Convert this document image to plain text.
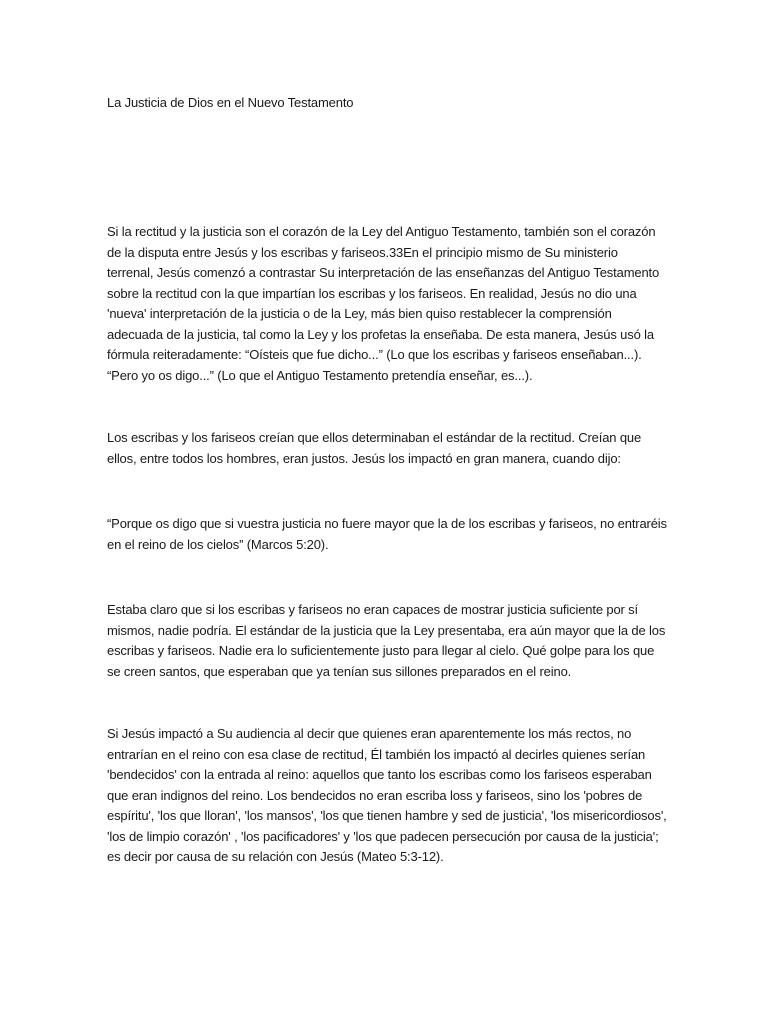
La Justicia de Dios en el Nuevo Testamento

Si la rectitud y la justicia son el corazón de la Ley del Antiguo Testamento, también son el corazón de la disputa entre Jesús y los escribas y fariseos.33En el principio mismo de Su ministerio terrenal, Jesús comenzó a contrastar Su interpretación de las enseñanzas del Antiguo Testamento sobre la rectitud con la que impartían los escribas y los fariseos. En realidad, Jesús no dio una 'nueva' interpretación de la justicia o de la Ley, más bien quiso restablecer la comprensión adecuada de la justicia, tal como la Ley y los profetas la enseñaba. De esta manera, Jesús usó la fórmula reiteradamente: “Oísteis que fue dicho...” (Lo que los escribas y fariseos enseñaban...). “Pero yo os digo...” (Lo que el Antiguo Testamento pretendía enseñar, es...).

Los escribas y los fariseos creían que ellos determinaban el estándar de la rectitud. Creían que ellos, entre todos los hombres, eran justos. Jesús los impactó en gran manera, cuando dijo:

“Porque os digo que si vuestra justicia no fuere mayor que la de los escribas y fariseos, no entraréis en el reino de los cielos” (Marcos 5:20).

Estaba claro que si los escribas y fariseos no eran capaces de mostrar justicia suficiente por sí mismos, nadie podría. El estándar de la justicia que la Ley presentaba, era aún mayor que la de los escribas y fariseos. Nadie era lo suficientemente justo para llegar al cielo. Qué golpe para los que se creen santos, que esperaban que ya tenían sus sillones preparados en el reino.

Si Jesús impactó a Su audiencia al decir que quienes eran aparentemente los más rectos, no entrarían en el reino con esa clase de rectitud, Él también los impactó al decirles quienes serían 'bendecidos' con la entrada al reino: aquellos que tanto los escribas como los fariseos esperaban que eran indignos del reino. Los bendecidos no eran escriba loss y fariseos, sino los 'pobres de espíritu', 'los que lloran', 'los mansos', 'los que tienen hambre y sed de justicia', 'los misericordiosos', 'los de limpio corazón' , 'los pacificadores' y 'los que padecen persecución por causa de la justicia'; es decir por causa de su relación con Jesús (Mateo 5:3-12).
